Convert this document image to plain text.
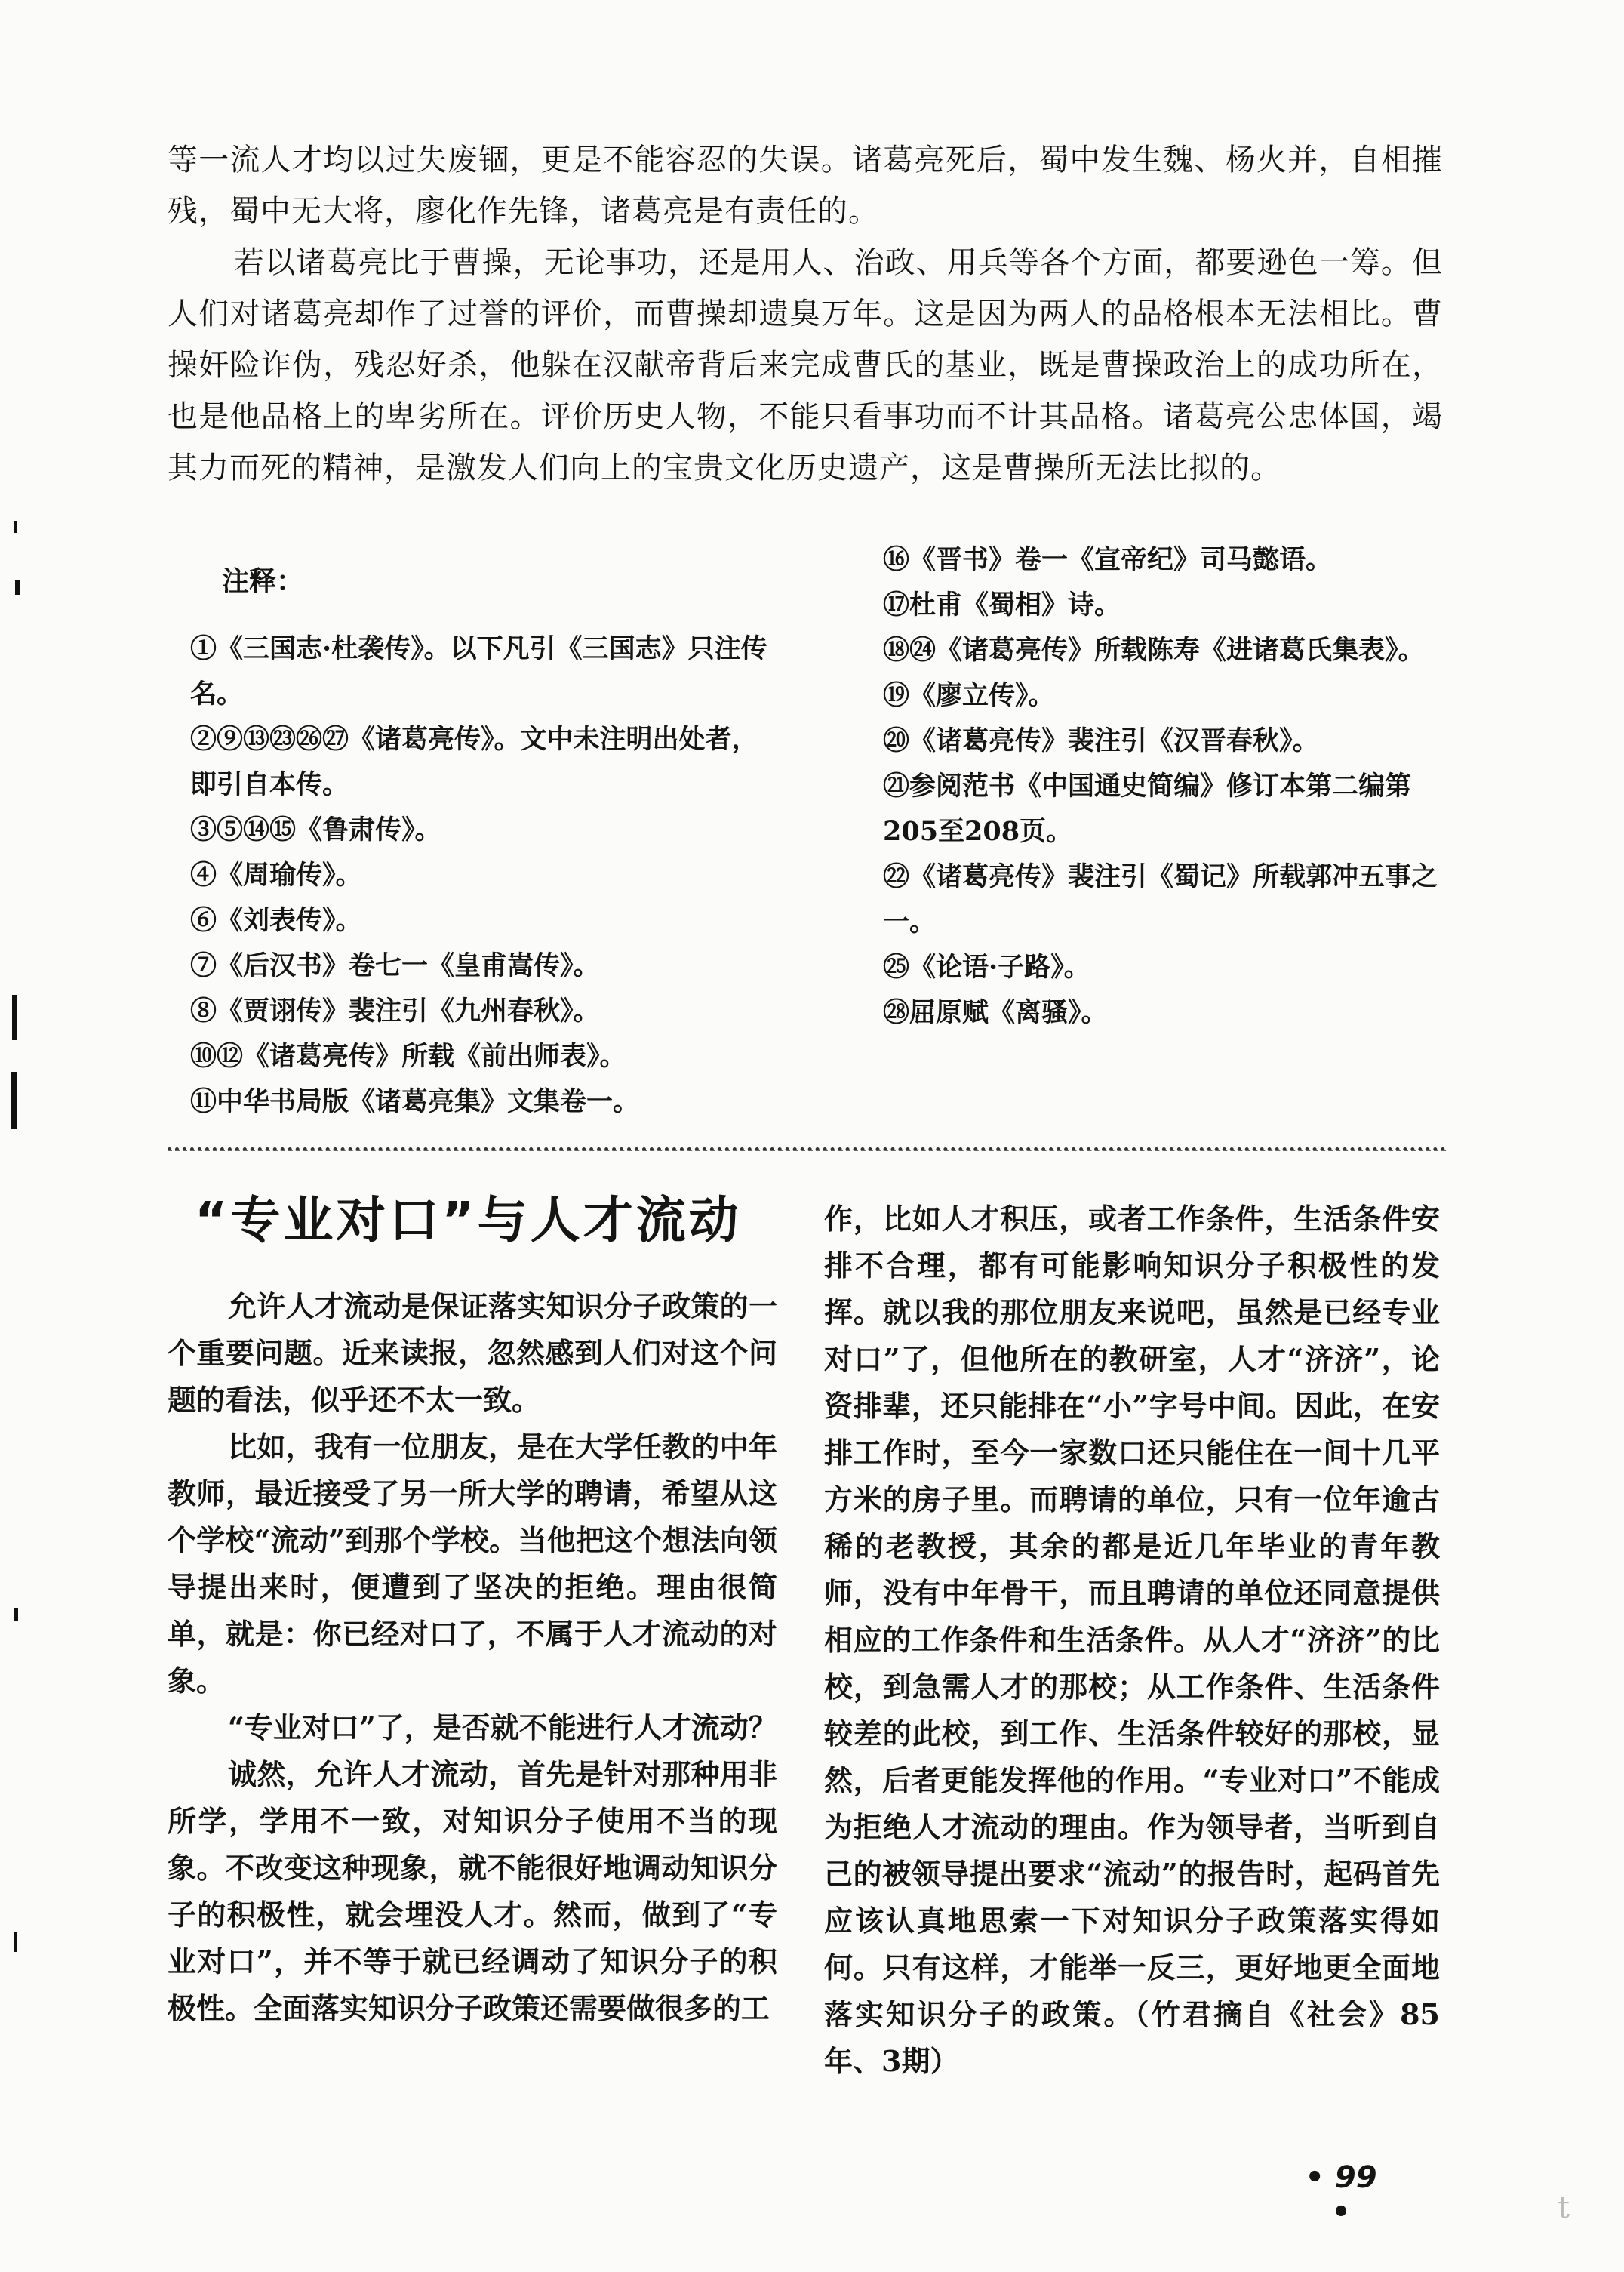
等一流人才均以过失废锢，更是不能容忍的失误。诸葛亮死后，蜀中发生魏、杨火并，自相摧残，蜀中无大将，廖化作先锋，诸葛亮是有责任的。

若以诸葛亮比于曹操，无论事功，还是用人、治政、用兵等各个方面，都要逊色一筹。但人们对诸葛亮却作了过誉的评价，而曹操却遗臭万年。这是因为两人的品格根本无法相比。曹操奸险诈伪，残忍好杀，他躲在汉献帝背后来完成曹氏的基业，既是曹操政治上的成功所在，也是他品格上的卑劣所在。评价历史人物，不能只看事功而不计其品格。诸葛亮公忠体国，竭其力而死的精神，是激发人们向上的宝贵文化历史遗产，这是曹操所无法比拟的。

注释：

①《三国志·杜袭传》。以下凡引《三国志》只注传名。

②⑨⑬㉓㉖㉗《诸葛亮传》。文中未注明出处者，即引自本传。

③⑤⑭⑮《鲁肃传》。

④《周瑜传》。

⑥《刘表传》。

⑦《后汉书》卷七一《皇甫嵩传》。

⑧《贾诩传》裴注引《九州春秋》。

⑩⑫《诸葛亮传》所载《前出师表》。

⑪中华书局版《诸葛亮集》文集卷一。

⑯《晋书》卷一《宣帝纪》司马懿语。

⑰杜甫《蜀相》诗。

⑱㉔《诸葛亮传》所载陈寿《进诸葛氏集表》。

⑲《廖立传》。

⑳《诸葛亮传》裴注引《汉晋春秋》。

㉑参阅范书《中国通史简编》修订本第二编第205至208页。

㉒《诸葛亮传》裴注引《蜀记》所载郭冲五事之一。

㉕《论语·子路》。

㉘屈原赋《离骚》。

“专业对口”与人才流动

允许人才流动是保证落实知识分子政策的一个重要问题。近来读报，忽然感到人们对这个问题的看法，似乎还不太一致。

比如，我有一位朋友，是在大学任教的中年教师，最近接受了另一所大学的聘请，希望从这个学校“流动”到那个学校。当他把这个想法向领导提出来时，便遭到了坚决的拒绝。理由很简单，就是：你已经对口了，不属于人才流动的对象。

“专业对口”了，是否就不能进行人才流动？

诚然，允许人才流动，首先是针对那种用非所学，学用不一致，对知识分子使用不当的现象。不改变这种现象，就不能很好地调动知识分子的积极性，就会埋没人才。然而，做到了“专业对口”，并不等于就已经调动了知识分子的积极性。全面落实知识分子政策还需要做很多的工

作，比如人才积压，或者工作条件，生活条件安排不合理，都有可能影响知识分子积极性的发挥。就以我的那位朋友来说吧，虽然是已经专业对口”了，但他所在的教研室，人才“济济”，论资排辈，还只能排在“小”字号中间。因此，在安排工作时，至今一家数口还只能住在一间十几平方米的房子里。而聘请的单位，只有一位年逾古稀的老教授，其余的都是近几年毕业的青年教师，没有中年骨干，而且聘请的单位还同意提供相应的工作条件和生活条件。从人才“济济”的比校，到急需人才的那校；从工作条件、生活条件较差的此校，到工作、生活条件较好的那校，显然，后者更能发挥他的作用。“专业对口”不能成为拒绝人才流动的理由。作为领导者，当听到自己的被领导提出要求“流动”的报告时，起码首先应该认真地思索一下对知识分子政策落实得如何。只有这样，才能举一反三，更好地更全面地落实知识分子的政策。（竹君摘自《社会》85年、3期）

• 99 •	t
